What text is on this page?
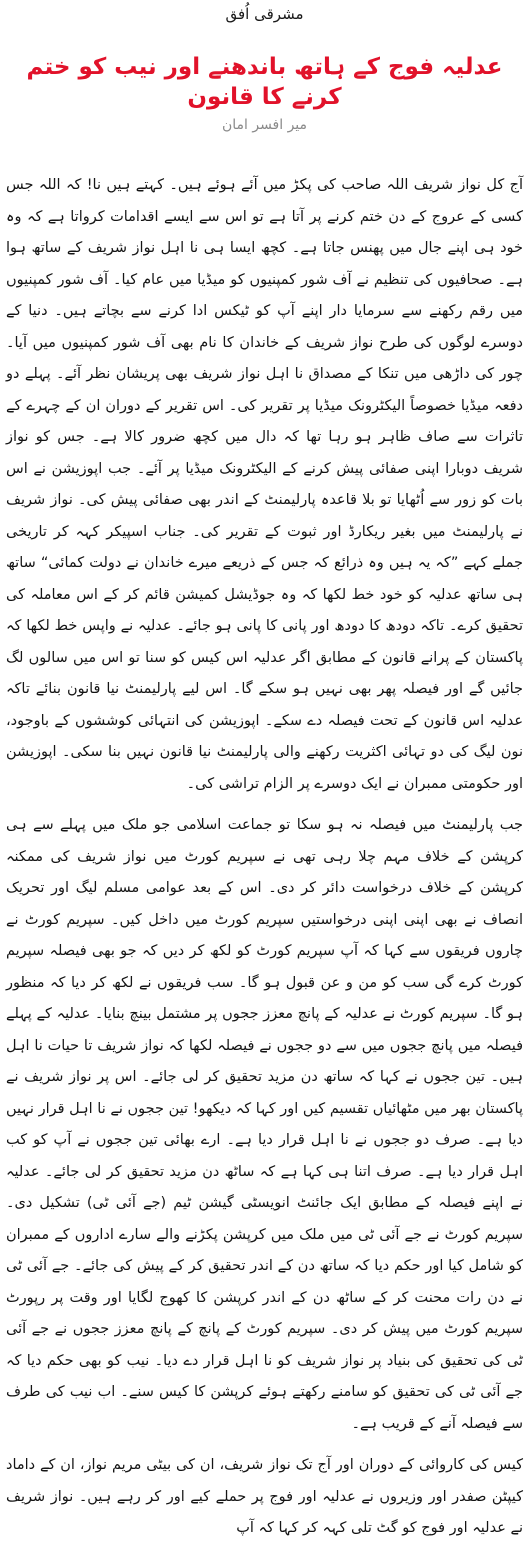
مشرقی اُفق
عدلیہ فوج کے ہاتھ باندھنے اور نیب کو ختم کرنے کا قانون
میر افسر امان

آج کل نواز شریف اللہ صاحب کی پکڑ میں آئے ہوئے ہیں۔ کہتے ہیں نا! کہ اللہ جس کسی کے عروج کے دن ختم کرنے پر آتا ہے تو اس سے ایسے اقدامات کرواتا ہے کہ وہ خود ہی اپنے جال میں پھنس جاتا ہے۔ کچھ ایسا ہی نا اہل نواز شریف کے ساتھ ہوا ہے۔ صحافیوں کی تنظیم نے آف شور کمپنیوں کو میڈیا میں عام کیا۔ آف شور کمپنیوں میں رقم رکھنے سے سرمایا دار اپنے آپ کو ٹیکس ادا کرنے سے بچاتے ہیں۔ دنیا کے دوسرے لوگوں کی طرح نواز شریف کے خاندان کا نام بھی آف شور کمپنیوں میں آیا۔ چور کی داڑھی میں تنکا کے مصداق نا اہل نواز شریف بھی پریشان نظر آئے۔ پہلے دو دفعہ میڈیا خصوصاً الیکٹرونک میڈیا پر تقریر کی۔ اس تقریر کے دوران ان کے چہرے کے تاثرات سے صاف ظاہر ہو رہا تھا کہ دال میں کچھ ضرور کالا ہے۔ جس کو نواز شریف دوبارا اپنی صفائی پیش کرنے کے الیکٹرونک میڈیا پر آئے۔ جب اپوزیشن نے اس بات کو زور سے اُٹھایا تو بلا قاعدہ پارلیمنٹ کے اندر بھی صفائی پیش کی۔ نواز شریف نے پارلیمنٹ میں بغیر ریکارڈ اور ثبوت کے تقریر کی۔ جناب اسپیکر کہہ کر تاریخی جملے کہے ”کہ یہ ہیں وہ ذرائع کہ جس کے ذریعے میرے خاندان نے دولت کمائی“ ساتھ ہی ساتھ عدلیہ کو خود خط لکھا کہ وہ جوڈیشل کمیشن قائم کر کے اس معاملہ کی تحقیق کرے۔ تاکہ دودھ کا دودھ اور پانی کا پانی ہو جائے۔ عدلیہ نے واپس خط لکھا کہ پاکستان کے پرانے قانون کے مطابق اگر عدلیہ اس کیس کو سنا تو اس میں سالوں لگ جائیں گے اور فیصلہ پھر بھی نہیں ہو سکے گا۔ اس لیے پارلیمنٹ نیا قانون بنائے تاکہ عدلیہ اس قانون کے تحت فیصلہ دے سکے۔ اپوزیشن کی انتہائی کوششوں کے باوجود، نون لیگ کی دو تہائی اکثریت رکھنے والی پارلیمنٹ نیا قانون نہیں بنا سکی۔ اپوزیشن اور حکومتی ممبران نے ایک دوسرے پر الزام تراشی کی۔

جب پارلیمنٹ میں فیصلہ نہ ہو سکا تو جماعت اسلامی جو ملک میں پہلے سے ہی کرپشن کے خلاف مہم چلا رہی تھی نے سپریم کورٹ میں نواز شریف کی ممکنہ کرپشن کے خلاف درخواست دائر کر دی۔ اس کے بعد عوامی مسلم لیگ اور تحریک انصاف نے بھی اپنی اپنی درخواستیں سپریم کورٹ میں داخل کیں۔ سپریم کورٹ نے چاروں فریقوں سے کہا کہ آپ سپریم کورٹ کو لکھ کر دیں کہ جو بھی فیصلہ سپریم کورٹ کرے گی سب کو من و عن قبول ہو گا۔ سب فریقوں نے لکھ کر دیا کہ منظور ہو گا۔ سپریم کورٹ نے عدلیہ کے پانچ معزز ججوں پر مشتمل بینچ بنایا۔ عدلیہ کے پہلے فیصلہ میں پانچ ججوں میں سے دو ججوں نے فیصلہ لکھا کہ نواز شریف تا حیات نا اہل ہیں۔ تین ججوں نے کہا کہ ساتھ دن مزید تحقیق کر لی جائے۔ اس پر نواز شریف نے پاکستان بھر میں مٹھائیاں تقسیم کیں اور کہا کہ دیکھو! تین ججوں نے نا اہل قرار نہیں دیا ہے۔ صرف دو ججوں نے نا اہل قرار دیا ہے۔ ارے بھائی تین ججوں نے آپ کو کب اہل قرار دیا ہے۔ صرف اتنا ہی کہا ہے کہ ساٹھ دن مزید تحقیق کر لی جائے۔ عدلیہ نے اپنے فیصلہ کے مطابق ایک جائنٹ انویسٹی گیشن ٹیم (جے آئی ٹی) تشکیل دی۔ سپریم کورٹ نے جے آئی ٹی میں ملک میں کرپشن پکڑنے والے سارے اداروں کے ممبران کو شامل کیا اور حکم دیا کہ ساتھ دن کے اندر تحقیق کر کے پیش کی جائے۔ جے آئی ٹی نے دن رات محنت کر کے ساٹھ دن کے اندر کرپشن کا کھوج لگایا اور وقت پر رپورٹ سپریم کورٹ میں پیش کر دی۔ سپریم کورٹ کے پانچ کے پانچ معزز ججوں نے جے آئی ٹی کی تحقیق کی بنیاد پر نواز شریف کو نا اہل قرار دے دیا۔ نیب کو بھی حکم دیا کہ جے آئی ٹی کی تحقیق کو سامنے رکھتے ہوئے کرپشن کا کیس سنے۔ اب نیب کی طرف سے فیصلہ آنے کے قریب ہے۔

کیس کی کاروائی کے دوران اور آج تک نواز شریف، ان کی بیٹی مریم نواز، ان کے داماد کیپٹن صفدر اور وزیروں نے عدلیہ اور فوج پر حملے کیے اور کر رہے ہیں۔ نواز شریف نے عدلیہ اور فوج کو گٹ تلی کہہ کر کہا کہ آپ
